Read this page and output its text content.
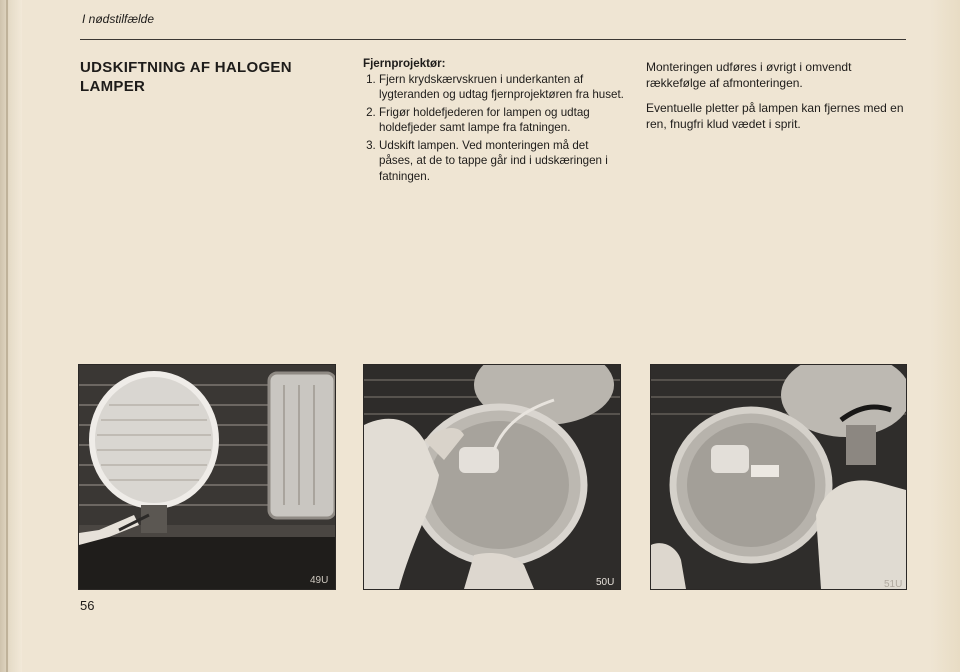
I nødstilfælde
UDSKIFTNING AF HALOGEN
LAMPER
Fjernprojektør:
1. Fjern krydskærvskruen i underkanten af lygteranden og udtag fjernprojektøren fra huset.
2. Frigør holdefjederen for lampen og udtag holdefjeder samt lampe fra fatningen.
3. Udskift lampen. Ved monteringen må det påses, at de to tappe går ind i udskæringen i fatningen.

Monteringen udføres i øvrigt i omvendt rækkefølge af afmonteringen.

Eventuelle pletter på lampen kan fjernes med en ren, fnugfri klud vædet i sprit.

49U	50U	51U
56
